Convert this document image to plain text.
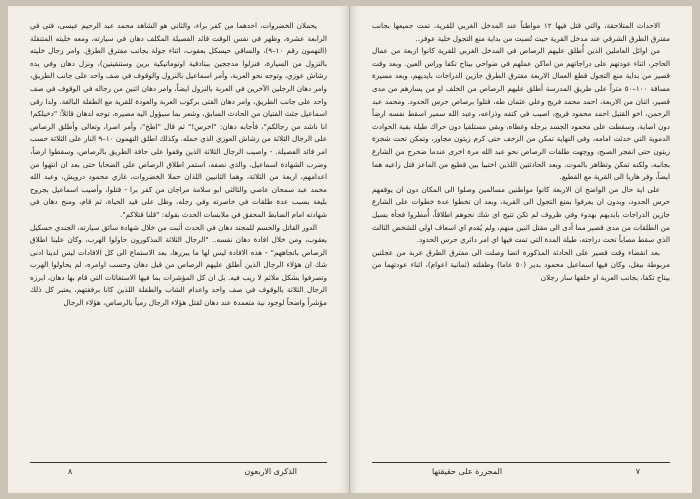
يحملان الخضروات، احدهما من كفر براء، والثاني هو الشاهد محمد عبد الرحيم عيسى، فتى في الرابعة عشرة، وظهر في نفس الوقت قائد الفصيلة المكلف دهان في سيارته، ومعه خليته المتنقلة (التهمون رقم ١٠–٩)، والساقي حيسكل يعقوب، اثناء جولة بجانب مفترق الطرق. وامر رجال خليته بالنزول من السيارة، فنزلوا مدججين ببنادقية اوتوماتيكية برين وستنقيتين)، ونزل دهان وفي يده رشاش عوزي، وتوجه نحو العربة، وأمر اسماعيل بالنزول والوقوف في صف واحد على جانب الطريق، وامر دهان الرجلين الآخرين في العربة بالنزول ايضاً، وامر دهان اثنين من رجاله في الوقوف في صف واحد على جانب الطريق، وامر دهان الفتى بركوب العربة والعودة للقرية مع الطفلة البالغة. ولدا رقى اسماعيل جثث الفتيان من الحادث السابق، وشعر بما سيؤول اليه مصيره، توجه لدهان قائلاً: "دخيلكم! انا ناشد من رجالكم"، فأجابه دهان: "اخرس!" ثم قال "اطخ"، وأمر اصرا، وتعالى وأطلق الرصاص على الرجال الثلاثة من رشاش العوزي الذي حمله. وكذلك اطلق التهمون ١٠–٩ النار على الثلاثة حسب امر قائد الفصيلة. - واصيب الرجال الثلاثة الذين وقفوا على حافة الطريق بالرصاص، وسقطوا ارضاً، وضرب الشهادة اسماعيل، والذي نصفه، استمر اطلاق الرصاص على الضحايا حتى بعد ان انتهوا من اعدامهم، اربعة من الثلاثة، وهما الثانيين اللذان حملا الخضروات، غازي محمود درويش، وعبد الله محمد عبد سمحان عاصي والثالثي ابو سلامة مراجان من كفر برا - قتلوا، وأصيب اسماعيل بجروح بليغة بسبب عدة طلقات في خاصرته وفي رجله، وظل على قيد الحياة، ثم قام، ومنح دهان في شهادته امام الضابط المحقق في ملابسات الحدث بقوله: "قلنا قتلاكم".

الدور القاتل والحسم للمجند دهان في الحدث أثبت من خلال شهادة سائق سيارته، الجندي حسكيل يعقوب، ومن خلال افادة دهان نفسه.. "الرجال الثلاثة المذكورون حاولوا الهرب، وكان علينا اطلاق الرصاص باتجاههم" - هذه الافادة ليس لها ما يبررها، بعد الاستماع الى كل الافادات ليس لدينا ادنى شك ان هؤلاء الرجال الذين أطلق عليهم الرصاص من قبل دهان وحسب اوامره، لم يحاولوا الهرب وتصرفوا بشكل ملائم لا ريب فيه. بل ان كل المؤشرات بما فيها الاستغاثات التي قام بها دهان، ابرزه الرجال الثلاثة بالوقوف في صف واحد واعدام الشاب والطفلة اللذين كانا برفقتهم، يعتبر كل ذلك مؤشراً واضحاً لوجود نية متعمدة عند دهان لقتل هؤلاء الرجال رمياً بالرصاص، هؤلاء الرجال

٨	الذكرى الاربعون

الاحداث المتلاحقة، والتي قتل فيها ١٢ مواطناً عند المدخل الغربي للقرية، تمت جميعها بجانب مفترق الطرق الشرقي عند مدخل القرية حيث تُصبت من بداية منع التجول خلية عوفر..

من اوائل العاملين الذين أُطلق عليهم الرصاص في المدخل الغربي للقرية كانوا اربعة من عمال الحاجر، اثناء عودتهم على دراجاتهم من اماكن عملهم في ضواحي بيتاح تكفا وراس العين. وبعد وقت قصير من بداية منع التجول قطع العمال الاربعة مفترق الطرق جازين الدراجات بايديهم، وبعد مسيرة مسافة ١٠٠–٥٠ متراً على طريق المدرسة أطلق عليهم الرصاص من الخلف او من يسارهم من مدى قصير، اثنان من الاربعة، احمد محمد فريج وعلي عثمان طه، قتلوا برصاص حرس الحدود. ومحمد عبد الرحمن، اخو القتيل احمد محمود فريج، اصيب في كتفه وذراعه، وعبد الله سمير اسقط نفسه ارضاً دون اصابة، وسقطت على محمود الجسد برجله وغطاه، وبقي مستلقيا دون حراك طيلة بقية الحوادث الدموية التي حدثت امامه، وفي النهاية تمكن من الزحف حتى كرم زيتون مجاور، وتمكن تحت شجرة زيتون حتى انفجر الصبح، ووجهت طلقات الرصاص نحو عبد الله مرة اخرى عندما ضحرج من الشارع بجانبه، ولكنه تمكن وتظاهر بالموت. وبعد الحادثتين اللذين اختبيا بين قطيع من الماعز قتل راعيه هما ايضاً، وفر هاريا الى القرية مع القطيع.

على اية حال من الواضح ان الاربعة كانوا مواطنين مسالمين وصلوا الى المكان دون ان يوقفهم حرس الحدود، وبدون ان يعرفوا بمنع التجول الى القرية، وبعد ان تخطوا عدة خطوات على الشارع جازين الدراجات بايديهم بهدوء وفي ظروف لم تكن تتيح اي شك نحوهم اطلاقاً، أُمطروا فجأة بسيل من الطلقات من مدى قصير مما أدى الى مقتل اثنين منهم، ولم يُقدم اي اسعاف اولي للشخص الثالث الذي سقط مصاباً تحت دراجته، طيلة المدة التي تمت فيها اي امر دائري حرس الحدود.

بعد انقضاء وقت قصير على الحادثة المذكورة اتضا وصلت الى مفترق الطرق عربة من عجلتين مربوطة ببغل، وكان فيها اسماعيل محمود بدير (٥٠ عاما) وطفلته (ثمانية اعوام)، اثناء عودتهما من بيتاح تكفا، بجانب العربة او خلفها سار رجلان

٧
المجزرة على حقيقتها
